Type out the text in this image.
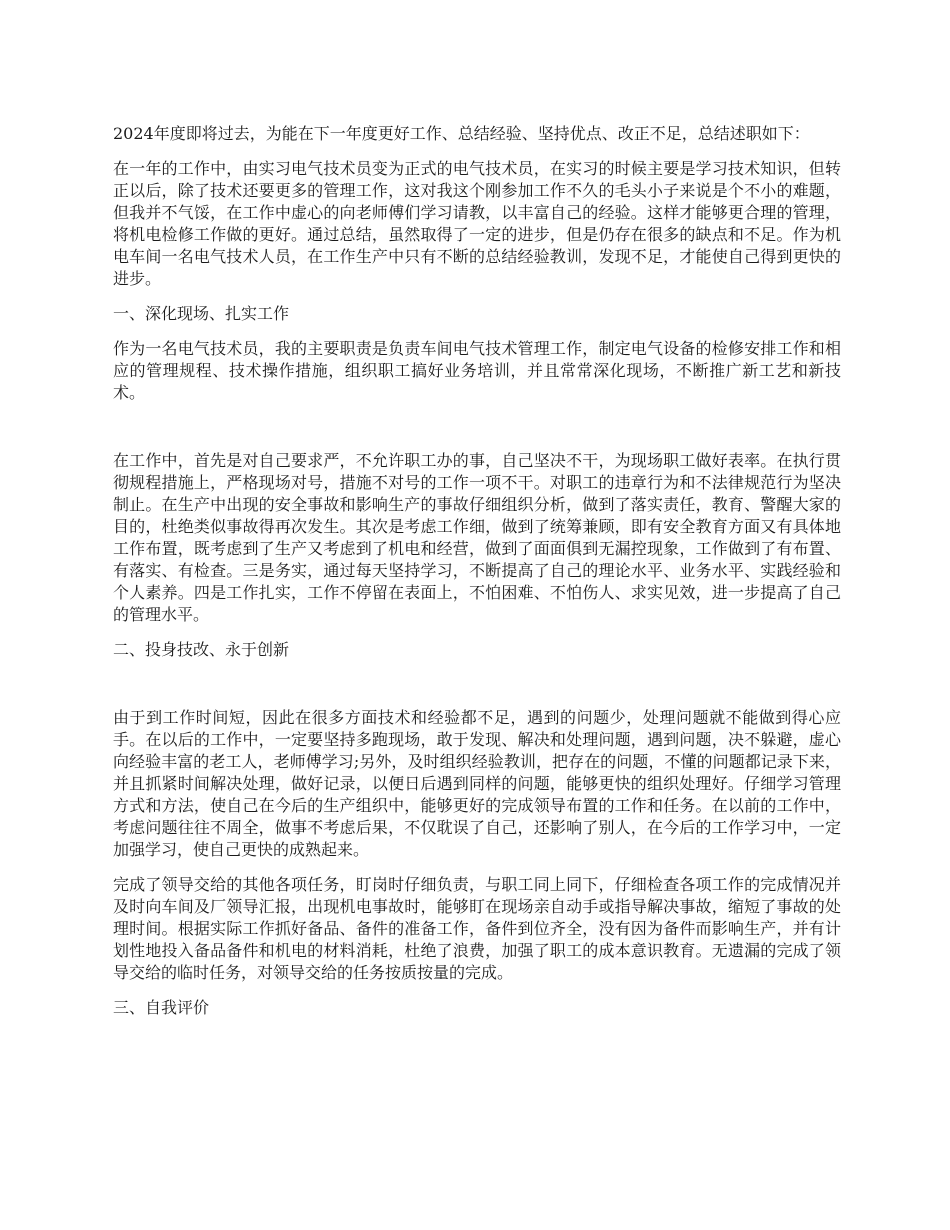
2024年度即将过去，为能在下一年度更好工作、总结经验、坚持优点、改正不足，总结述职如下：

在一年的工作中，由实习电气技术员变为正式的电气技术员，在实习的时候主要是学习技术知识，但转正以后，除了技术还要更多的管理工作，这对我这个刚参加工作不久的毛头小子来说是个不小的难题，但我并不气馁，在工作中虚心的向老师傅们学习请教，以丰富自己的经验。这样才能够更合理的管理，将机电检修工作做的更好。通过总结，虽然取得了一定的进步，但是仍存在很多的缺点和不足。作为机电车间一名电气技术人员，在工作生产中只有不断的总结经验教训，发现不足，才能使自己得到更快的进步。

一、深化现场、扎实工作

作为一名电气技术员，我的主要职责是负责车间电气技术管理工作，制定电气设备的检修安排工作和相应的管理规程、技术操作措施，组织职工搞好业务培训，并且常常深化现场，不断推广新工艺和新技术。

在工作中，首先是对自己要求严，不允许职工办的事，自己坚决不干，为现场职工做好表率。在执行贯彻规程措施上，严格现场对号，措施不对号的工作一项不干。对职工的违章行为和不法律规范行为坚决制止。在生产中出现的安全事故和影响生产的事故仔细组织分析，做到了落实责任，教育、警醒大家的目的，杜绝类似事故得再次发生。其次是考虑工作细，做到了统筹兼顾，即有安全教育方面又有具体地工作布置，既考虑到了生产又考虑到了机电和经营，做到了面面俱到无漏控现象，工作做到了有布置、有落实、有检查。三是务实，通过每天坚持学习，不断提高了自己的理论水平、业务水平、实践经验和个人素养。四是工作扎实，工作不停留在表面上，不怕困难、不怕伤人、求实见效，进一步提高了自己的管理水平。

二、投身技改、永于创新

由于到工作时间短，因此在很多方面技术和经验都不足，遇到的问题少，处理问题就不能做到得心应手。在以后的工作中，一定要坚持多跑现场，敢于发现、解决和处理问题，遇到问题，决不躲避，虚心向经验丰富的老工人，老师傅学习;另外，及时组织经验教训，把存在的问题，不懂的问题都记录下来，并且抓紧时间解决处理，做好记录，以便日后遇到同样的问题，能够更快的组织处理好。仔细学习管理方式和方法，使自己在今后的生产组织中，能够更好的完成领导布置的工作和任务。在以前的工作中，考虑问题往往不周全，做事不考虑后果，不仅耽误了自己，还影响了别人，在今后的工作学习中，一定加强学习，使自己更快的成熟起来。

完成了领导交给的其他各项任务，盯岗时仔细负责，与职工同上同下，仔细检查各项工作的完成情况并及时向车间及厂领导汇报，出现机电事故时，能够盯在现场亲自动手或指导解决事故，缩短了事故的处理时间。根据实际工作抓好备品、备件的准备工作，备件到位齐全，没有因为备件而影响生产，并有计划性地投入备品备件和机电的材料消耗，杜绝了浪费，加强了职工的成本意识教育。无遗漏的完成了领导交给的临时任务，对领导交给的任务按质按量的完成。

三、自我评价
